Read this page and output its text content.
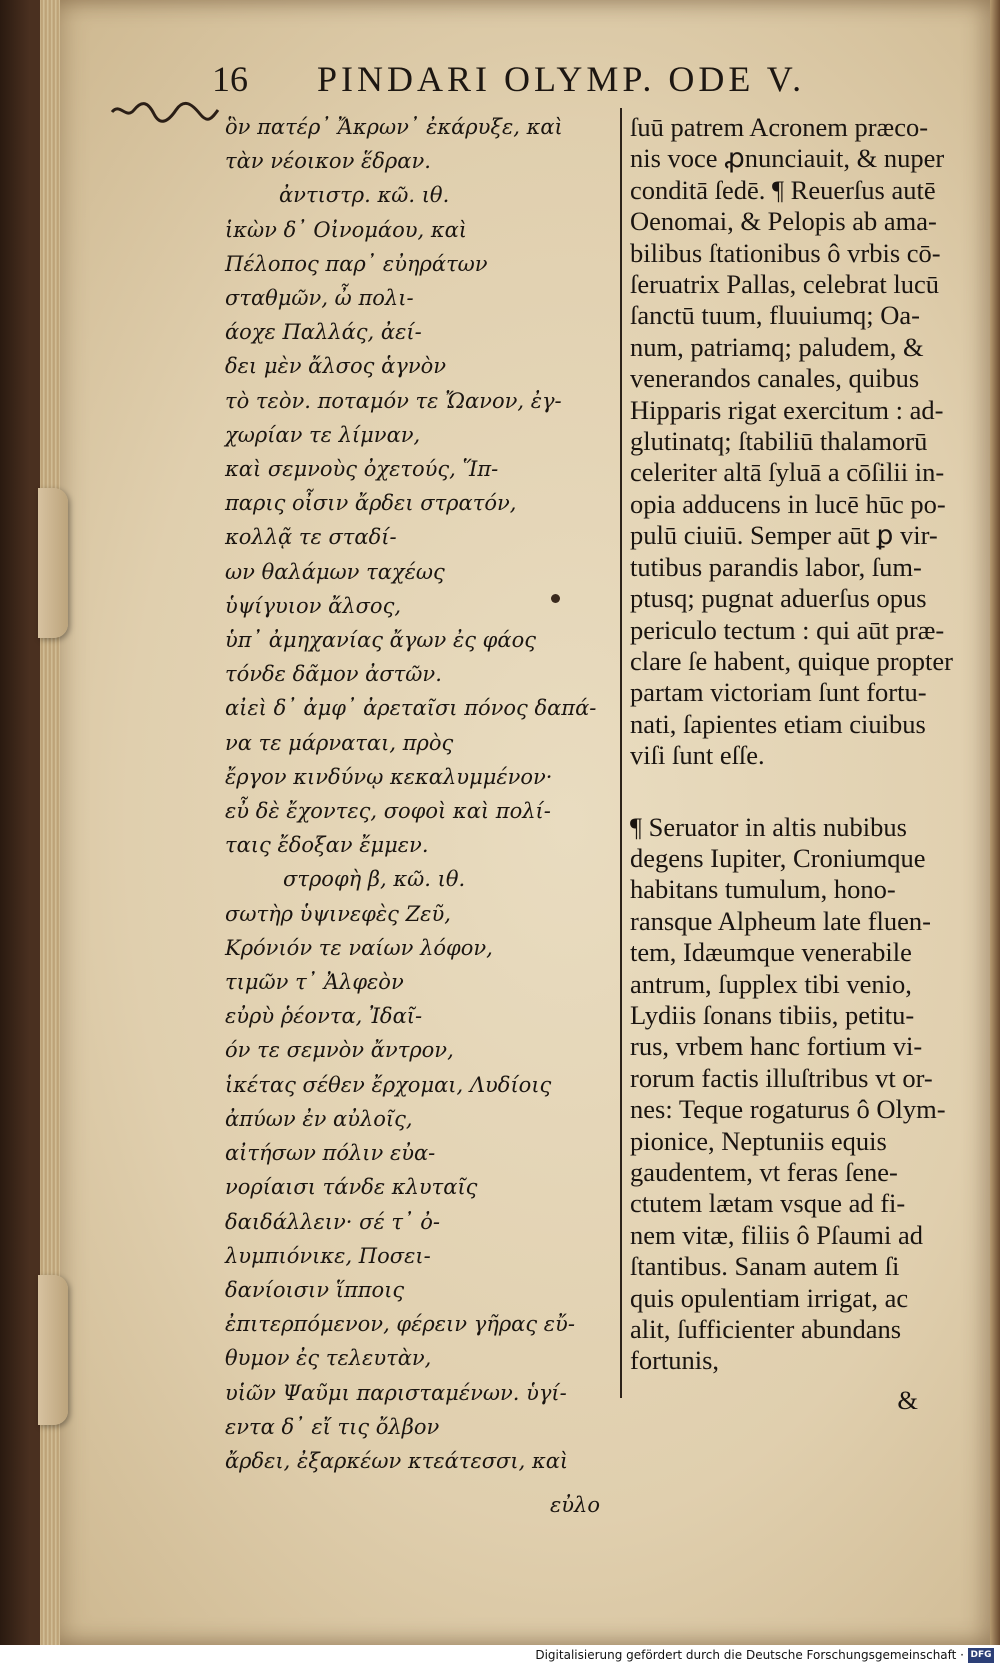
16 PINDARI OLYMP. ODE V.
ὃν πατέρ᾽ Ἄκρων᾽ ἐκάρυξε, καὶ
τὰν νέοικον ἕδραν.
ἀντιστρ. κῶ. ιθ.
ἱκὼν δ᾽ Οἰνομάου, καὶ
Πέλοπος παρ᾽ εὐηράτων
σταθμῶν, ὦ πολι-
άοχε Παλλάς, ἀεί-
δει μὲν ἄλσος ἁγνὸν
τὸ τεὸν. ποταμόν τε Ὤανον, ἐγ-
χωρίαν τε λίμναν,
καὶ σεμνοὺς ὀχετούς, Ἵπ-
παρις οἶσιν ἄρδει στρατόν,
κολλᾷ τε σταδί-
ων θαλάμων ταχέως
ὑψίγυιον ἄλσος,
ὑπ᾽ ἀμηχανίας ἄγων ἐς φάος
τόνδε δᾶμον ἀστῶν.
αἰεὶ δ᾽ ἀμφ᾽ ἀρεταῖσι πόνος δαπά-
να τε μάρναται, πρὸς
ἔργον κινδύνῳ κεκαλυμμένον·
εὖ δὲ ἔχοντες, σοφοὶ καὶ πολί-
ταις ἔδοξαν ἔμμεν.
στροφὴ β, κῶ. ιθ.
σωτὴρ ὑψινεφὲς Ζεῦ,
Κρόνιόν τε ναίων λόφον,
τιμῶν τ᾽ Ἀλφεὸν
εὐρὺ ῥέοντα, Ἰδαῖ-
όν τε σεμνὸν ἄντρον,
ἱκέτας σέθεν ἔρχομαι, Λυδίοις
ἀπύων ἐν αὐλοῖς,
αἰτήσων πόλιν εὐα-
νορίαισι τάνδε κλυταῖς
δαιδάλλειν· σέ τ᾽ ὀ-
λυμπιόνικε, Ποσει-
δανίοισιν ἵπποις
ἐπιτερπόμενον, φέρειν γῆρας εὔ-
θυμον ἐς τελευτὰν,
υἱῶν Ψαῦμι παρισταμένων. ὑγί-
εντα δ᾽ εἴ τις ὄλβον
ἄρδει, ἐξαρκέων κτεάτεσσι, καὶ
εὐλο
ſuū patrem Acronem præco-
nis voce ꝓnunciauit, & nuper
conditā ſedē. ¶ Reuerſus autē
Oenomai, & Pelopis ab ama-
bilibus ſtationibus ô vrbis cō-
ſeruatrix Pallas, celebrat lucū
ſanctū tuum, fluuiumq; Oa-
num, patriamq; paludem, &
venerandos canales, quibus
Hipparis rigat exercitum : ad-
glutinatq; ſtabiliū thalamorū
celeriter altā ſyluā a cōſilii in-
opia adducens in lucē hūc po-
pulū ciuiū. Semper aūt ꝑ vir-
tutibus parandis labor, ſum-
ptusq; pugnat aduerſus opus
periculo tectum : qui aūt præ-
clare ſe habent, quique propter
partam victoriam ſunt fortu-
nati, ſapientes etiam ciuibus
viſi ſunt eſſe.
¶ Seruator in altis nubibus
degens Iupiter, Croniumque
habitans tumulum, hono-
ransque Alpheum late fluen-
tem, Idæumque venerabile
antrum, ſupplex tibi venio,
Lydiis ſonans tibiis, petitu-
rus, vrbem hanc fortium vi-
rorum factis illuſtribus vt or-
nes: Teque rogaturus ô Olym-
pionice, Neptuniis equis
gaudentem, vt feras ſene-
ctutem lætam vsque ad fi-
nem vitæ, filiis ô Pſaumi ad
ſtantibus. Sanam autem ſi
quis opulentiam irrigat, ac
alit, ſufficienter abundans
fortunis,
&
Digitalisierung gefördert durch die Deutsche Forschungsgemeinschaft · DFG
